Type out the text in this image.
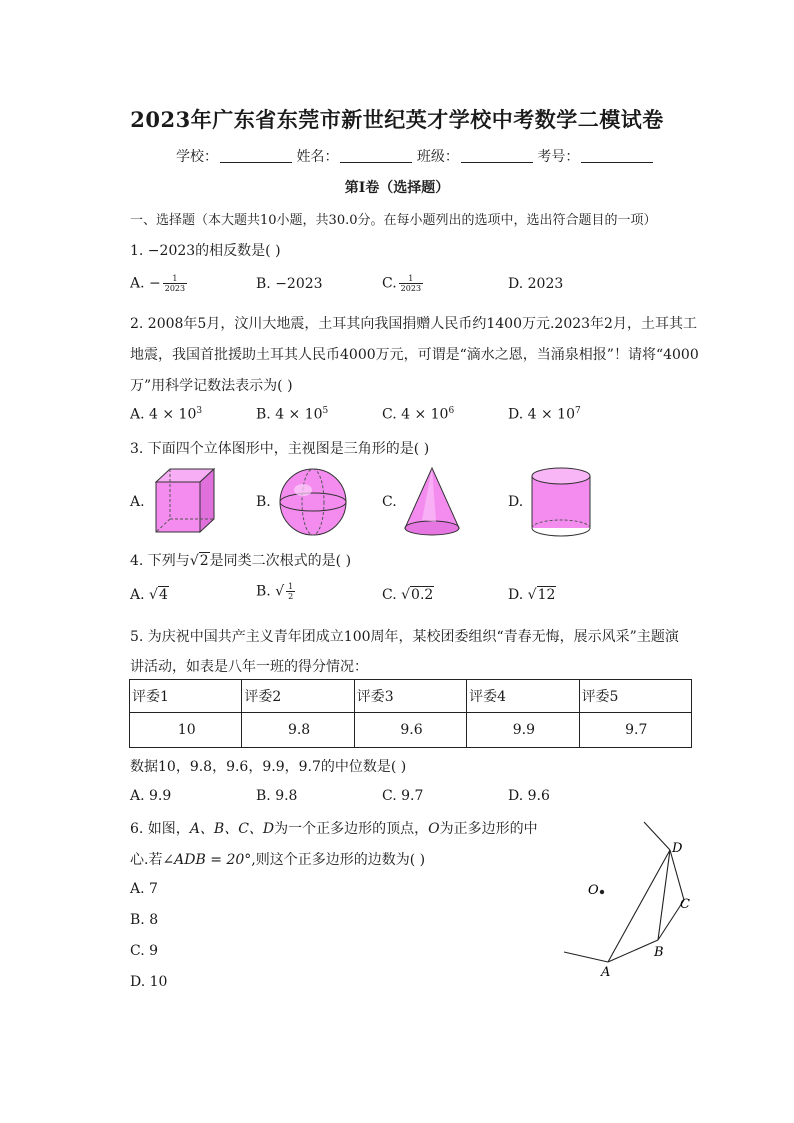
2023年广东省东莞市新世纪英才学校中考数学二模试卷
学校：	姓名：	班级：	考号：
第Ⅰ卷（选择题）
一、选择题（本大题共10小题，共30.0分。在每小题列出的选项中，选出符合题目的一项）
1. −2023的相反数是( )
A. − $\frac{1}{2023}$	B. −2023	C. $\frac{1}{2023}$	D. 2023
2. 2008年5月，汶川大地震，土耳其向我国捐赠人民币约1400万元.2023年2月，土耳其工
地震，我国首批援助土耳其人民币4000万元，可谓是“滴水之恩，当涌泉相报”！请将“4000
万”用科学记数法表示为( )
A. $4 \times 10^3$	B. $4 \times 10^5$	C. $4 \times 10^6$	D. $4 \times 10^7$
3. 下面四个立体图形中，主视图是三角形的是( )
A.	B.	C.	D.
4. 下列与√2是同类二次根式的是( )
A. √4	B. √ $\frac{1}{2}$	C. √0.2	D. √12
5. 为庆祝中国共产主义青年团成立100周年，某校团委组织“青春无悔，展示风采”主题演
讲活动，如表是八年一班的得分情况：
评委1	评委2	评委3	评委4	评委5
10	9.8	9.6	9.9	9.7
数据10，9.8，9.6，9.9，9.7的中位数是( )
A. 9.9	B. 9.8	C. 9.7	D. 9.6
6. 如图，A、B、C、D为一个正多边形的顶点，O为正多边形的中
心.若∠ADB = 20°,则这个正多边形的边数为( )
A. 7
B. 8
C. 9
D. 10
O
D
C
B
A
